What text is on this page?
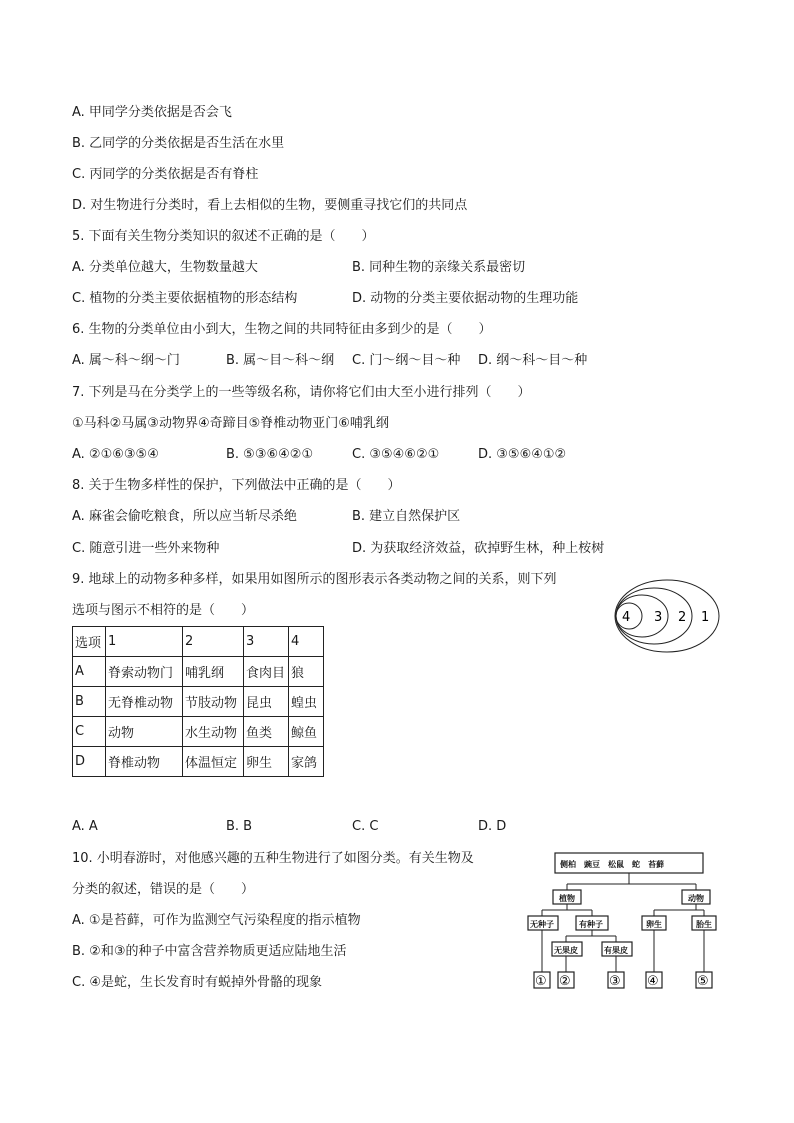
A. 甲同学分类依据是否会飞
B. 乙同学的分类依据是否生活在水里
C. 丙同学的分类依据是否有脊柱
D. 对生物进行分类时，看上去相似的生物，要侧重寻找它们的共同点
5. 下面有关生物分类知识的叙述不正确的是（　　）
A. 分类单位越大，生物数量越大	B. 同种生物的亲缘关系最密切
C. 植物的分类主要依据植物的形态结构	D. 动物的分类主要依据动物的生理功能
6. 生物的分类单位由小到大，生物之间的共同特征由多到少的是（　　）
A. 属～科～纲～门	B. 属～目～科～纲 C. 门～纲～目～种 D. 纲～科～目～种
7. 下列是马在分类学上的一些等级名称，请你将它们由大至小进行排列（　　）
①马科②马属③动物界④奇蹄目⑤脊椎动物亚门⑥哺乳纲
A. ②①⑥③⑤④	B. ⑤③⑥④②①	C. ③⑤④⑥②①	D. ③⑤⑥④①②
8. 关于生物多样性的保护，下列做法中正确的是（　　）
A. 麻雀会偷吃粮食，所以应当斩尽杀绝	B. 建立自然保护区
C. 随意引进一些外来物种	D. 为获取经济效益，砍掉野生林，种上桉树
9. 地球上的动物多种多样，如果用如图所示的图形表示各类动物之间的关系，则下列
选项与图示不相符的是（　　）	4 3 2 1
选项	1	2	3	4
A	脊索动物门	哺乳纲	食肉目	狼
B	无脊椎动物	节肢动物	昆虫	蝗虫
C	动物	水生动物	鱼类	鲸鱼
D	脊椎动物	体温恒定	卵生	家鸽
A. A	B. B	C. C	D. D
10. 小明春游时，对他感兴趣的五种生物进行了如图分类。有关生物及
分类的叙述，错误的是（　　）
A. ①是苔藓，可作为监测空气污染程度的指示植物
B. ②和③的种子中富含营养物质更适应陆地生活
C. ④是蛇，生长发育时有蜕掉外骨骼的现象
侧柏　豌豆　松鼠　蛇　苔藓
植物	动物
无种子	有种子	卵生	胎生
无果皮	有果皮
① ②	③ ④	⑤
